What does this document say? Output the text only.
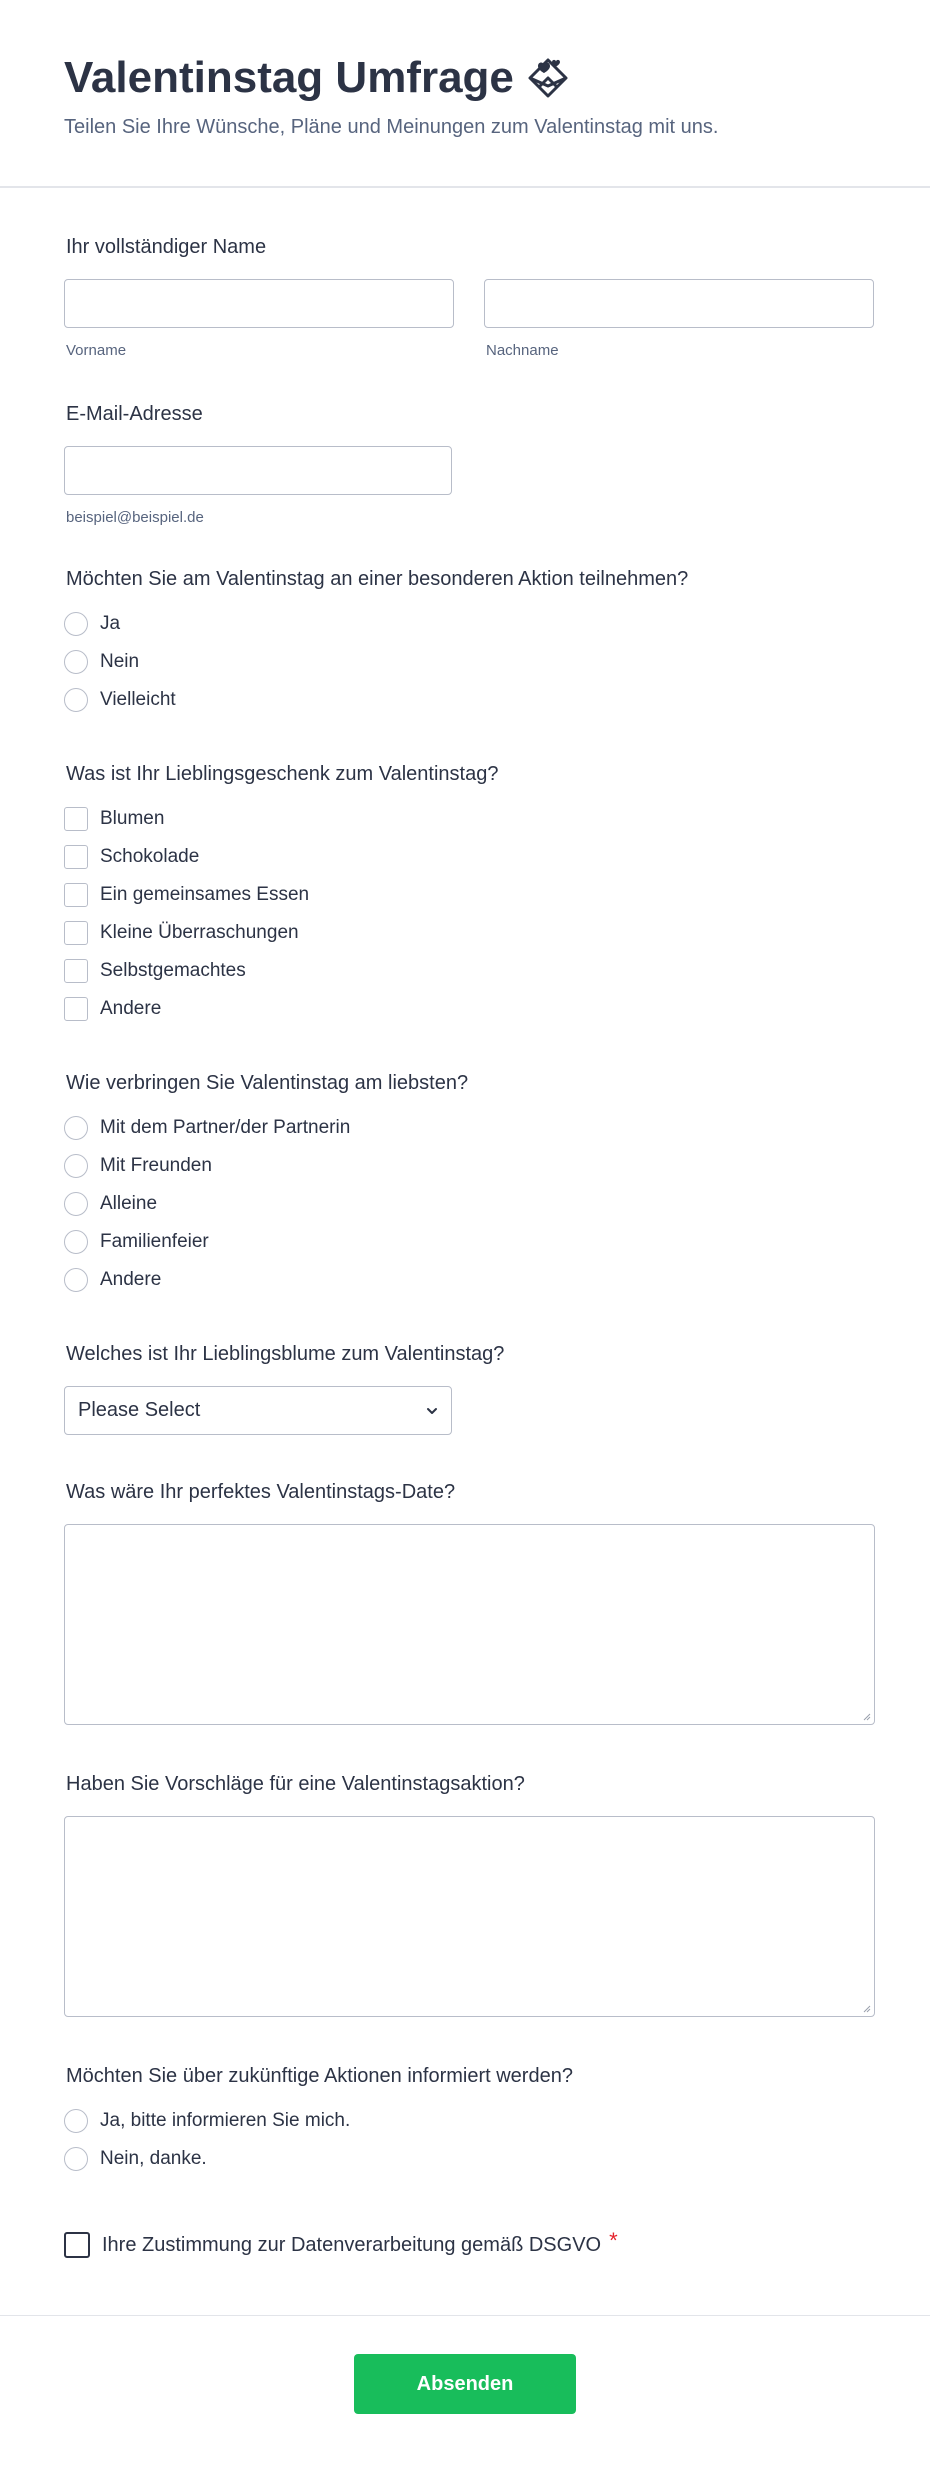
Valentinstag Umfrage
Teilen Sie Ihre Wünsche, Pläne und Meinungen zum Valentinstag mit uns.
Ihr vollständiger Name
Vorname	Nachname
E-Mail-Adresse
beispiel@beispiel.de
Möchten Sie am Valentinstag an einer besonderen Aktion teilnehmen?
Ja
Nein
Vielleicht
Was ist Ihr Lieblingsgeschenk zum Valentinstag?
Blumen
Schokolade
Ein gemeinsames Essen
Kleine Überraschungen
Selbstgemachtes
Andere
Wie verbringen Sie Valentinstag am liebsten?
Mit dem Partner/der Partnerin
Mit Freunden
Alleine
Familienfeier
Andere
Welches ist Ihr Lieblingsblume zum Valentinstag?
Please Select
Was wäre Ihr perfektes Valentinstags-Date?
Haben Sie Vorschläge für eine Valentinstagsaktion?
Möchten Sie über zukünftige Aktionen informiert werden?
Ja, bitte informieren Sie mich.
Nein, danke.
Ihre Zustimmung zur Datenverarbeitung gemäß DSGVO *
Absenden
